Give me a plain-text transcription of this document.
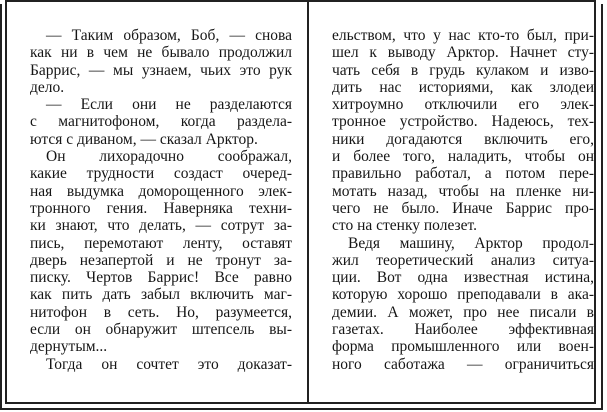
— Таким образом, Боб, — снова
как ни в чем не бывало продолжил
Баррис, — мы узнаем, чьих это рук
дело.
— Если они не разделаются
с магнитофоном, когда раздела-
ются с диваном, — сказал Арктор.
Он лихорадочно соображал,
какие трудности создаст очеред-
ная выдумка доморощенного элек-
тронного гения. Наверняка техни-
ки знают, что делать, — сотрут за-
пись, перемотают ленту, оставят
дверь незапертой и не тронут за-
писку. Чертов Баррис! Все равно
как пить дать забыл включить маг-
нитофон в сеть. Но, разумеется,
если он обнаружит штепсель вы-
дернутым...
Тогда он сочтет это доказат-
ельством, что у нас кто-то был, при-
шел к выводу Арктор. Начнет сту-
чать себя в грудь кулаком и изво-
дить нас историями, как злодеи
хитроумно отключили его элек-
тронное устройство. Надеюсь, тех-
ники догадаются включить его,
и более того, наладить, чтобы он
правильно работал, а потом пере-
мотать назад, чтобы на пленке ни-
чего не было. Иначе Баррис про-
сто на стенку полезет.
Ведя машину, Арктор продол-
жил теоретический анализ ситуа-
ции. Вот одна известная истина,
которую хорошо преподавали в ака-
демии. А может, про нее писали в
газетах. Наиболее эффективная
форма промышленного или воен-
ного саботажа — ограничиться
